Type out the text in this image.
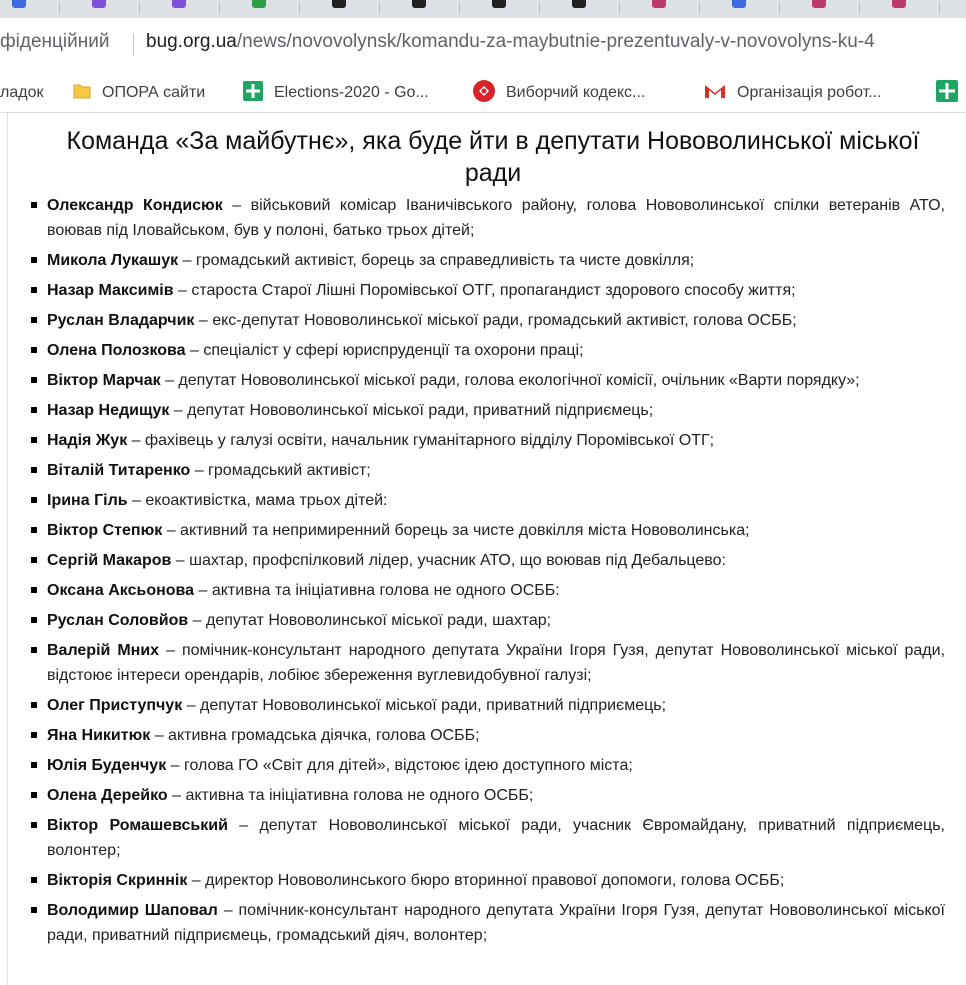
фіденційний bug.org.ua/news/novovolynsk/komandu-za-maybutnie-prezentuvaly-v-novovolyns-ku-4
ладок	ОПОРА сайти	Elections-2020 - Go...	Виборчий кодекс...	Організація робот...
Команда «За майбутнє», яка буде йти в депутати Нововолинської міської ради
Олександр Кондисюк – військовий комісар Іваничівського району, голова Нововолинської спілки ветеранів АТО, воював під Іловайськом, був у полоні, батько трьох дітей;
Микола Лукашук – громадський активіст, борець за справедливість та чисте довкілля;
Назар Максимів – староста Старої Лішні Поромівської ОТГ, пропагандист здорового способу життя;
Руслан Владарчик – екс-депутат Нововолинської міської ради, громадський активіст, голова ОСББ;
Олена Полозкова – спеціаліст у сфері юриспруденції та охорони праці;
Віктор Марчак – депутат Нововолинської міської ради, голова екологічної комісії, очільник «Варти порядку»;
Назар Недищук – депутат Нововолинської міської ради, приватний підприємець;
Надія Жук – фахівець у галузі освіти, начальник гуманітарного відділу Поромівської ОТГ;
Віталій Титаренко – громадський активіст;
Ірина Гіль – екоактивістка, мама трьох дітей:
Віктор Степюк – активний та непримиренний борець за чисте довкілля міста Нововолинська;
Сергій Макаров – шахтар, профспілковий лідер, учасник АТО, що воював під Дебальцево:
Оксана Аксьонова – активна та ініціативна голова не одного ОСББ:
Руслан Соловйов – депутат Нововолинської міської ради, шахтар;
Валерій Мних – помічник-консультант народного депутата України Ігоря Гузя, депутат Нововолинської міської ради, відстоює інтереси орендарів, лобіює збереження вуглевидобувної галузі;
Олег Приступчук – депутат Нововолинської міської ради, приватний підприємець;
Яна Никитюк – активна громадська діячка, голова ОСББ;
Юлія Буденчук – голова ГО «Світ для дітей», відстоює ідею доступного міста;
Олена Дерейко – активна та ініціативна голова не одного ОСББ;
Віктор Ромашевський – депутат Нововолинської міської ради, учасник Євромайдану, приватний підприємець, волонтер;
Вікторія Скриннік – директор Нововолинського бюро вторинної правової допомоги, голова ОСББ;
Володимир Шаповал – помічник-консультант народного депутата України Ігоря Гузя, депутат Нововолинської міської ради, приватний підприємець, громадський діяч, волонтер;
